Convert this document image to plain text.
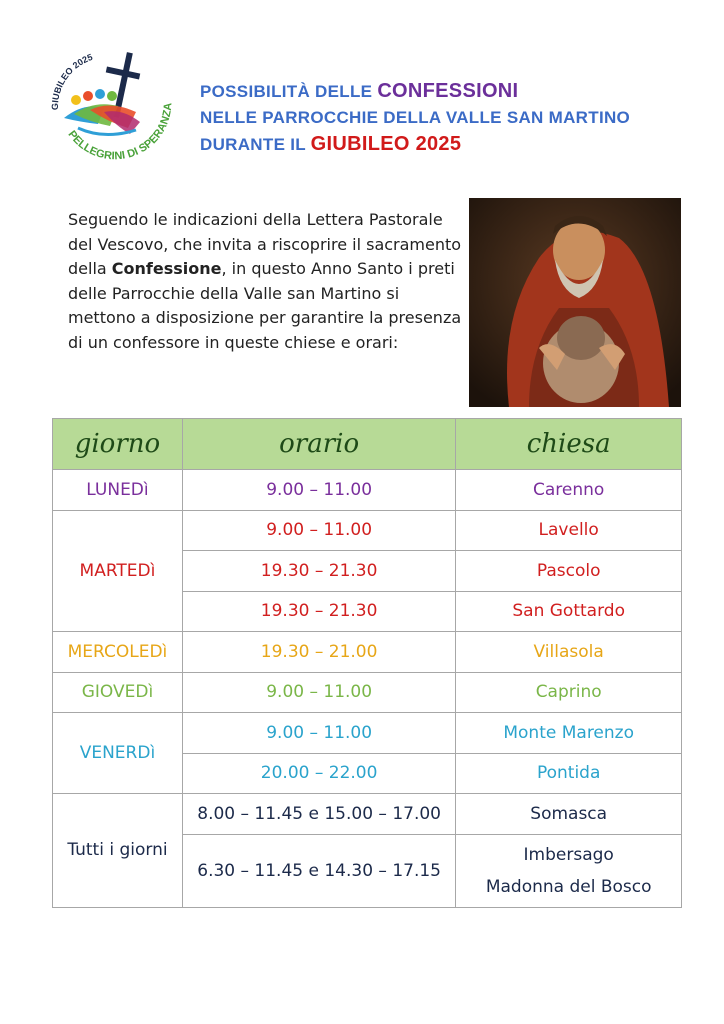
GIUBILEO 2025
PELLEGRINI DI SPERANZA
POSSIBILITÀ DELLE CONFESSIONI
NELLE PARROCCHIE DELLA VALLE SAN MARTINO
DURANTE IL GIUBILEO 2025
Seguendo le indicazioni della Lettera Pastorale del Vescovo, che invita a riscoprire il sacramento della Confessione, in questo Anno Santo i preti delle Parrocchie della Valle san Martino si mettono a disposizione per garantire la presenza di un confessore in queste chiese e orari:
giorno	orario	chiesa
LUNEDì	9.00 – 11.00	Carenno
MARTEDì	9.00 – 11.00	Lavello
	19.30 – 21.30	Pascolo
	19.30 – 21.30	San Gottardo
MERCOLEDì	19.30 – 21.00	Villasola
GIOVEDì	9.00 – 11.00	Caprino
VENERDì	9.00 – 11.00	Monte Marenzo
	20.00 – 22.00	Pontida
Tutti i giorni	8.00 – 11.45 e 15.00 – 17.00	Somasca
	6.30 – 11.45 e 14.30 – 17.15	Imbersago
Madonna del Bosco
